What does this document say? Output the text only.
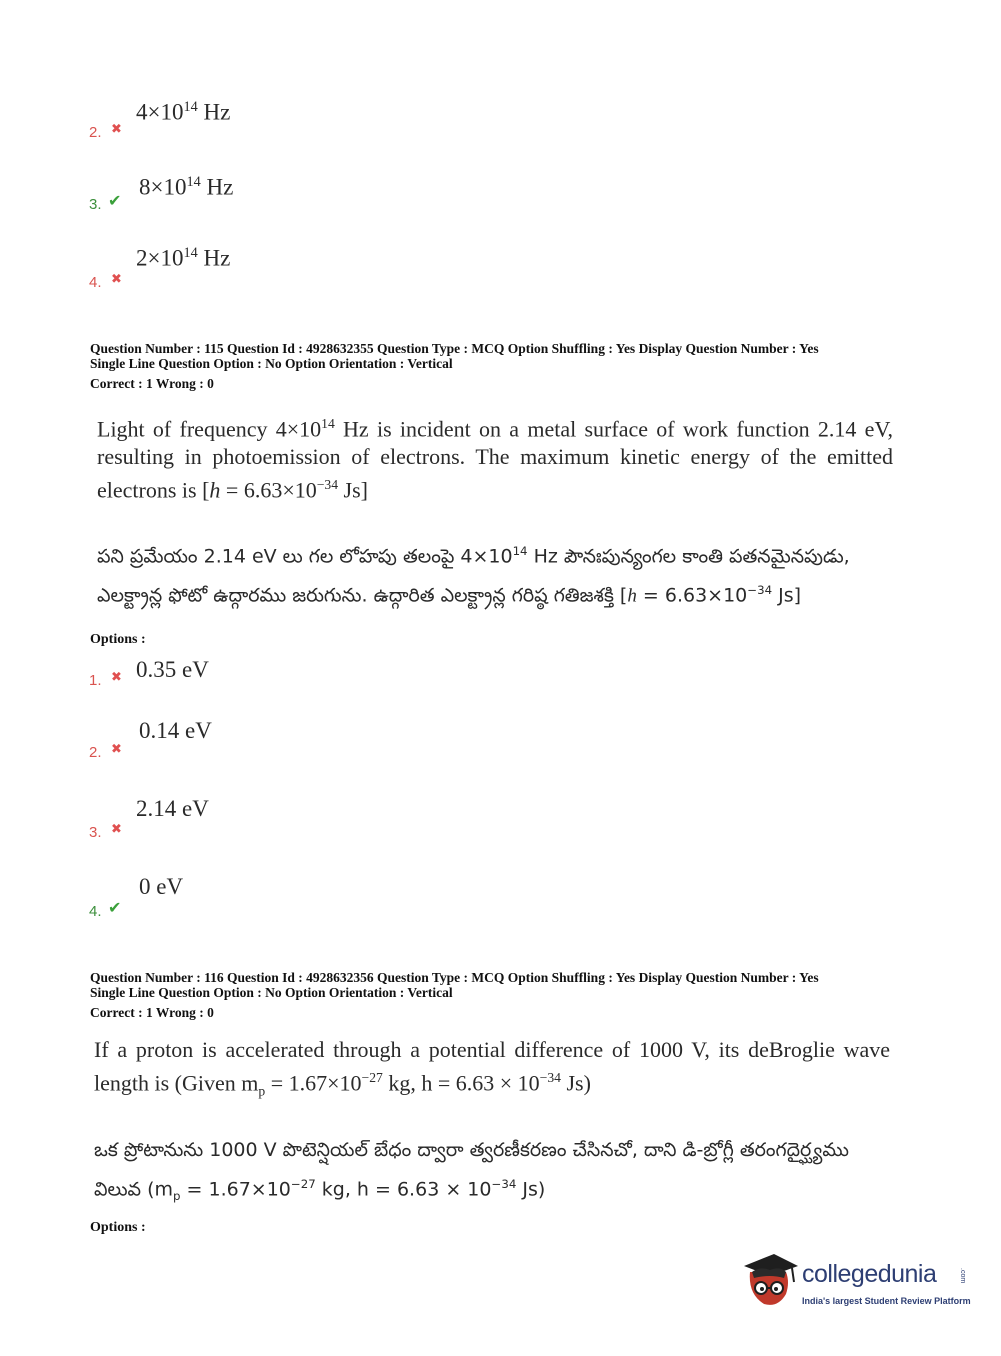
$4\times 10^{14}$ Hz
2. ✖
$8\times 10^{14}$ Hz
3. ✔
$2\times 10^{14}$ Hz
4. ✖
Question Number : 115 Question Id : 4928632355 Question Type : MCQ Option Shuffling : Yes Display Question Number : Yes
Single Line Question Option : No Option Orientation : Vertical
Correct : 1 Wrong : 0
Light of frequency $4\times 10^{14}$ Hz is incident on a metal surface of work function 2.14 eV, resulting in photoemission of electrons. The maximum kinetic energy of the emitted electrons is [$h = 6.63\times 10^{-34}$ Js]
పని ప్రమేయం 2.14 eV లు గల లోహపు తలంపై $4\times 10^{14}$ Hz పౌనఃపున్యంగల కాంతి పతనమైనపుడు, ఎలక్ట్రాన్ల ఫోటో ఉద్గారము జరుగును. ఉద్గారిత ఎలక్ట్రాన్ల గరిష్ఠ గతిజశక్తి [$h = 6.63\times 10^{-34}$ Js]
Options :
0.35 eV
1. ✖
0.14 eV
2. ✖
2.14 eV
3. ✖
0 eV
4. ✔
Question Number : 116 Question Id : 4928632356 Question Type : MCQ Option Shuffling : Yes Display Question Number : Yes
Single Line Question Option : No Option Orientation : Vertical
Correct : 1 Wrong : 0
If a proton is accelerated through a potential difference of 1000 V, its deBroglie wave length is (Given $m_p = 1.67\times 10^{-27}$ kg, $h = 6.63 \times 10^{-34}$ Js)
ఒక ప్రోటానును 1000 V పొటెన్షియల్ బేధం ద్వారా త్వరణీకరణం చేసినచో, దాని డి-బ్రోగ్లీ తరంగదైర్ఘ్యము విలువ ($m_p = 1.67\times 10^{-27}$ kg, $h = 6.63 \times 10^{-34}$ Js)
Options :
collegedunia	.com
India's largest Student Review Platform
